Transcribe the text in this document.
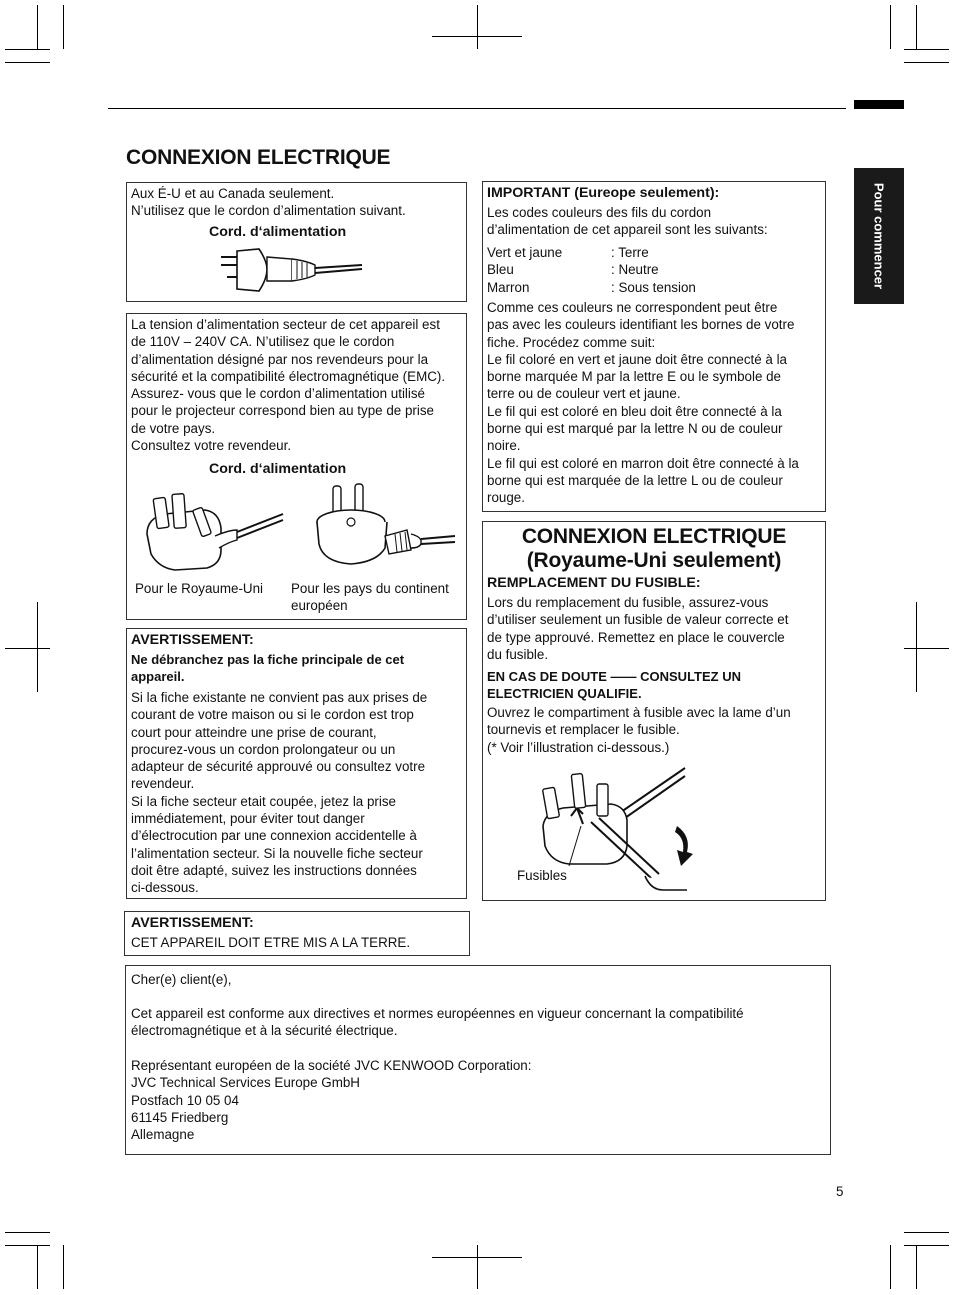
Pour commencer
CONNEXION ELECTRIQUE
Aux É-U et au Canada seulement.
N’utilisez que le cordon d’alimentation suivant.
Cord. d‘alimentation
La tension d’alimentation secteur de cet appareil est
de 110V – 240V CA. N’utilisez que le cordon
d’alimentation désigné par nos revendeurs pour la
sécurité et la compatibilité électromagnétique (EMC).
Assurez- vous que le cordon d’alimentation utilisé
pour le projecteur correspond bien au type de prise
de votre pays.
Consultez votre revendeur.
Cord. d‘alimentation
Pour le Royaume-Uni Pour les pays du continent
européen
AVERTISSEMENT:
Ne débranchez pas la fiche principale de cet
appareil.
Si la fiche existante ne convient pas aux prises de
courant de votre maison ou si le cordon est trop
court pour atteindre une prise de courant,
procurez-vous un cordon prolongateur ou un
adapteur de sécurité approuvé ou consultez votre
revendeur.
Si la fiche secteur etait coupée, jetez la prise
immédiatement, pour éviter tout danger
d’électrocution par une connexion accidentelle à
l’alimentation secteur. Si la nouvelle fiche secteur
doit être adapté, suivez les instructions données
ci-dessous.
AVERTISSEMENT:
CET APPAREIL DOIT ETRE MIS A LA TERRE.
IMPORTANT (Eureope seulement):
Les codes couleurs des fils du cordon
d’alimentation de cet appareil sont les suivants:
Vert et jaune	: Terre
Bleu	: Neutre
Marron	: Sous tension
Comme ces couleurs ne correspondent peut être
pas avec les couleurs identifiant les bornes de votre
fiche. Procédez comme suit:
Le fil coloré en vert et jaune doit être connecté à la
borne marquée M par la lettre E ou le symbole de
terre ou de couleur vert et jaune.
Le fil qui est coloré en bleu doit être connecté à la
borne qui est marqué par la lettre N ou de couleur
noire.
Le fil qui est coloré en marron doit être connecté à la
borne qui est marquée de la lettre L ou de couleur
rouge.
CONNEXION ELECTRIQUE
(Royaume-Uni seulement)
REMPLACEMENT DU FUSIBLE:
Lors du remplacement du fusible, assurez-vous
d’utiliser seulement un fusible de valeur correcte et
de type approuvé. Remettez en place le couvercle
du fusible.
EN CAS DE DOUTE —— CONSULTEZ UN
ELECTRICIEN QUALIFIE.
Ouvrez le compartiment à fusible avec la lame d’un
tournevis et remplacer le fusible.
(* Voir l’illustration ci-dessous.)
Fusibles
Cher(e) client(e),
Cet appareil est conforme aux directives et normes européennes en vigueur concernant la compatibilité
électromagnétique et à la sécurité électrique.
Représentant européen de la société JVC KENWOOD Corporation:
JVC Technical Services Europe GmbH
Postfach 10 05 04
61145 Friedberg
Allemagne
5
